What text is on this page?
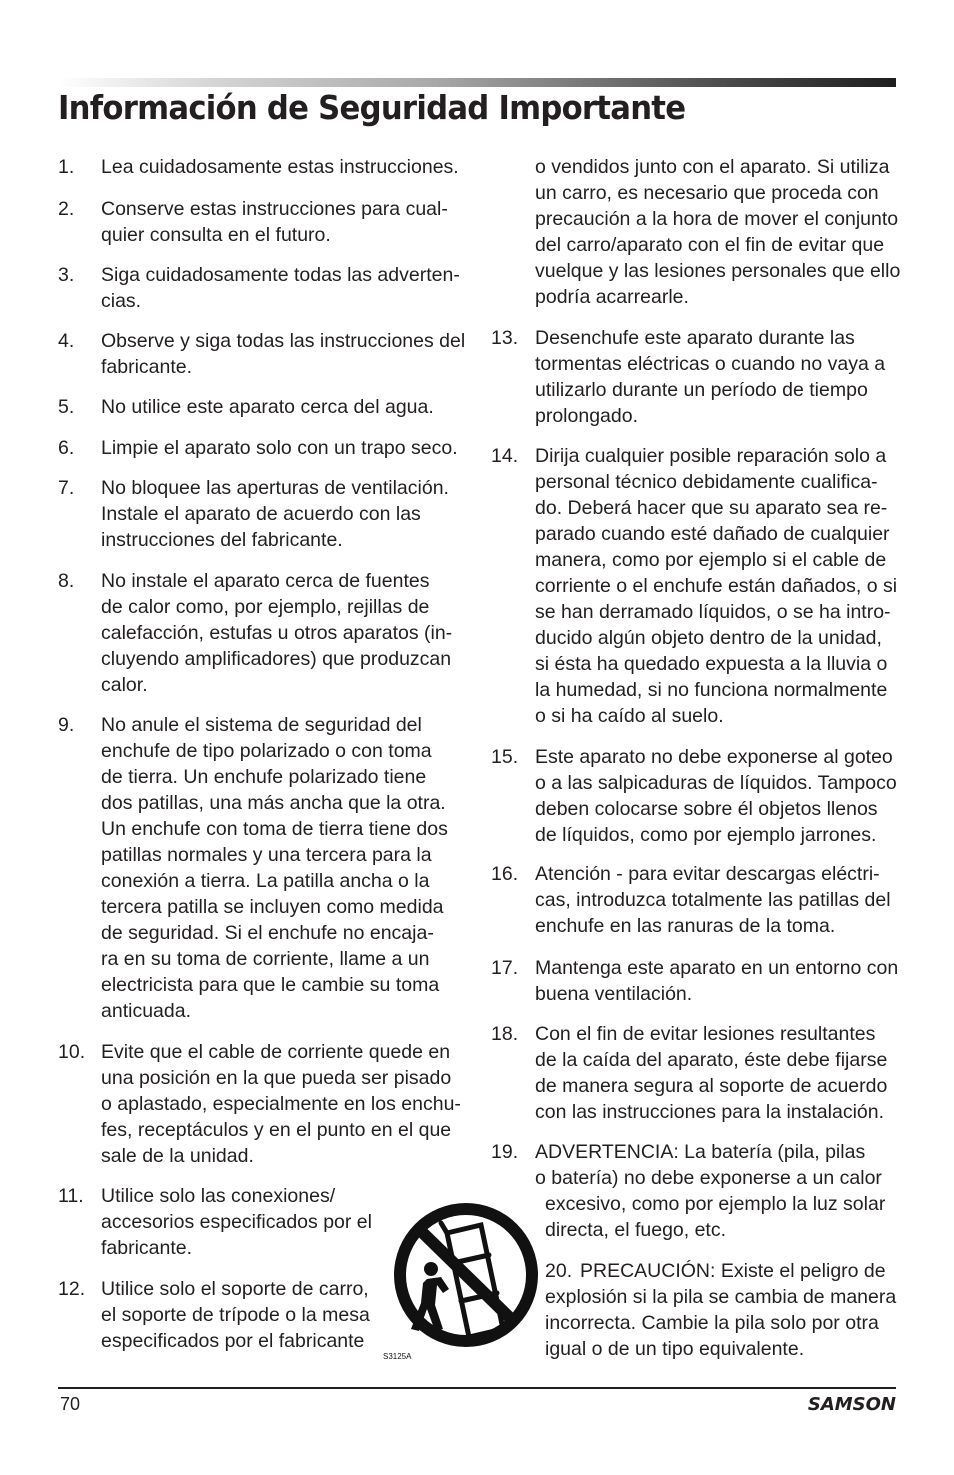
Información de Seguridad Importante
1. Lea cuidadosamente estas instrucciones.
2. Conserve estas instrucciones para cual-
quier consulta en el futuro.
3. Siga cuidadosamente todas las adverten-
cias.
4. Observe y siga todas las instrucciones del
fabricante.
5. No utilice este aparato cerca del agua.
6. Limpie el aparato solo con un trapo seco.
7. No bloquee las aperturas de ventilación.
Instale el aparato de acuerdo con las
instrucciones del fabricante.
8. No instale el aparato cerca de fuentes
de calor como, por ejemplo, rejillas de
calefacción, estufas u otros aparatos (in-
cluyendo amplificadores) que produzcan
calor.
9. No anule el sistema de seguridad del
enchufe de tipo polarizado o con toma
de tierra. Un enchufe polarizado tiene
dos patillas, una más ancha que la otra.
Un enchufe con toma de tierra tiene dos
patillas normales y una tercera para la
conexión a tierra. La patilla ancha o la
tercera patilla se incluyen como medida
de seguridad. Si el enchufe no encaja-
ra en su toma de corriente, llame a un
electricista para que le cambie su toma
anticuada.
10. Evite que el cable de corriente quede en
una posición en la que pueda ser pisado
o aplastado, especialmente en los enchu-
fes, receptáculos y en el punto en el que
sale de la unidad.
11. Utilice solo las conexiones/
accesorios especificados por el
fabricante.
12. Utilice solo el soporte de carro,
el soporte de trípode o la mesa
especificados por el fabricante
S3125A
o vendidos junto con el aparato. Si utiliza
un carro, es necesario que proceda con
precaución a la hora de mover el conjunto
del carro/aparato con el fin de evitar que
vuelque y las lesiones personales que ello
podría acarrearle.
13. Desenchufe este aparato durante las
tormentas eléctricas o cuando no vaya a
utilizarlo durante un período de tiempo
prolongado.
14. Dirija cualquier posible reparación solo a
personal técnico debidamente cualifica-
do. Deberá hacer que su aparato sea re-
parado cuando esté dañado de cualquier
manera, como por ejemplo si el cable de
corriente o el enchufe están dañados, o si
se han derramado líquidos, o se ha intro-
ducido algún objeto dentro de la unidad,
si ésta ha quedado expuesta a la lluvia o
la humedad, si no funciona normalmente
o si ha caído al suelo.
15. Este aparato no debe exponerse al goteo
o a las salpicaduras de líquidos. Tampoco
deben colocarse sobre él objetos llenos
de líquidos, como por ejemplo jarrones.
16. Atención - para evitar descargas eléctri-
cas, introduzca totalmente las patillas del
enchufe en las ranuras de la toma.
17. Mantenga este aparato en un entorno con
buena ventilación.
18. Con el fin de evitar lesiones resultantes
de la caída del aparato, éste debe fijarse
de manera segura al soporte de acuerdo
con las instrucciones para la instalación.
19. ADVERTENCIA: La batería (pila, pilas
o batería) no debe exponerse a un calor
excesivo, como por ejemplo la luz solar
directa, el fuego, etc.
20. PRECAUCIÓN: Existe el peligro de
explosión si la pila se cambia de manera
incorrecta. Cambie la pila solo por otra
igual o de un tipo equivalente.
70	SAMSON
